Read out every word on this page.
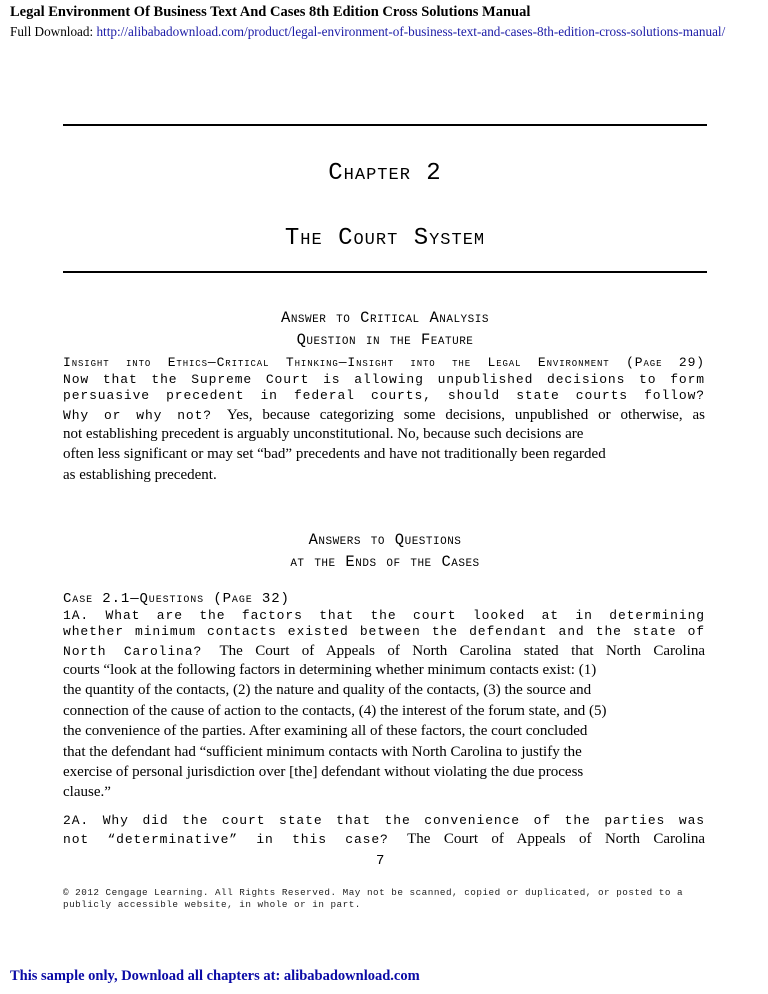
Legal Environment Of Business Text And Cases 8th Edition Cross Solutions Manual
Full Download: http://alibabadownload.com/product/legal-environment-of-business-text-and-cases-8th-edition-cross-solutions-manual/
Chapter 2
The Court System
Answer to Critical Analysis
Question in the Feature
Insight into Ethics—Critical Thinking—Insight into the Legal Environment (Page 29)
Now that the Supreme Court is allowing unpublished decisions to form
persuasive precedent in federal courts, should state courts follow?
Why or why not? Yes, because categorizing some decisions, unpublished or otherwise, as
not establishing precedent is arguably unconstitutional. No, because such decisions are
often less significant or may set “bad” precedents and have not traditionally been regarded
as establishing precedent.
Answers to Questions
at the Ends of the Cases
Case 2.1—Questions (Page 32)
1A. What are the factors that the court looked at in determining
whether minimum contacts existed between the defendant and the state of
North Carolina? The Court of Appeals of North Carolina stated that North Carolina
courts “look at the following factors in determining whether minimum contacts exist: (1)
the quantity of the contacts, (2) the nature and quality of the contacts, (3) the source and
connection of the cause of action to the contacts, (4) the interest of the forum state, and (5)
the convenience of the parties. After examining all of these factors, the court concluded
that the defendant had “sufficient minimum contacts with North Carolina to justify the
exercise of personal jurisdiction over [the] defendant without violating the due process
clause.”
2A. Why did the court state that the convenience of the parties was
not “determinative” in this case? The Court of Appeals of North Carolina
7
© 2012 Cengage Learning. All Rights Reserved. May not be scanned, copied or duplicated, or posted to a publicly accessible website, in whole or in part.
This sample only, Download all chapters at: alibabadownload.com
